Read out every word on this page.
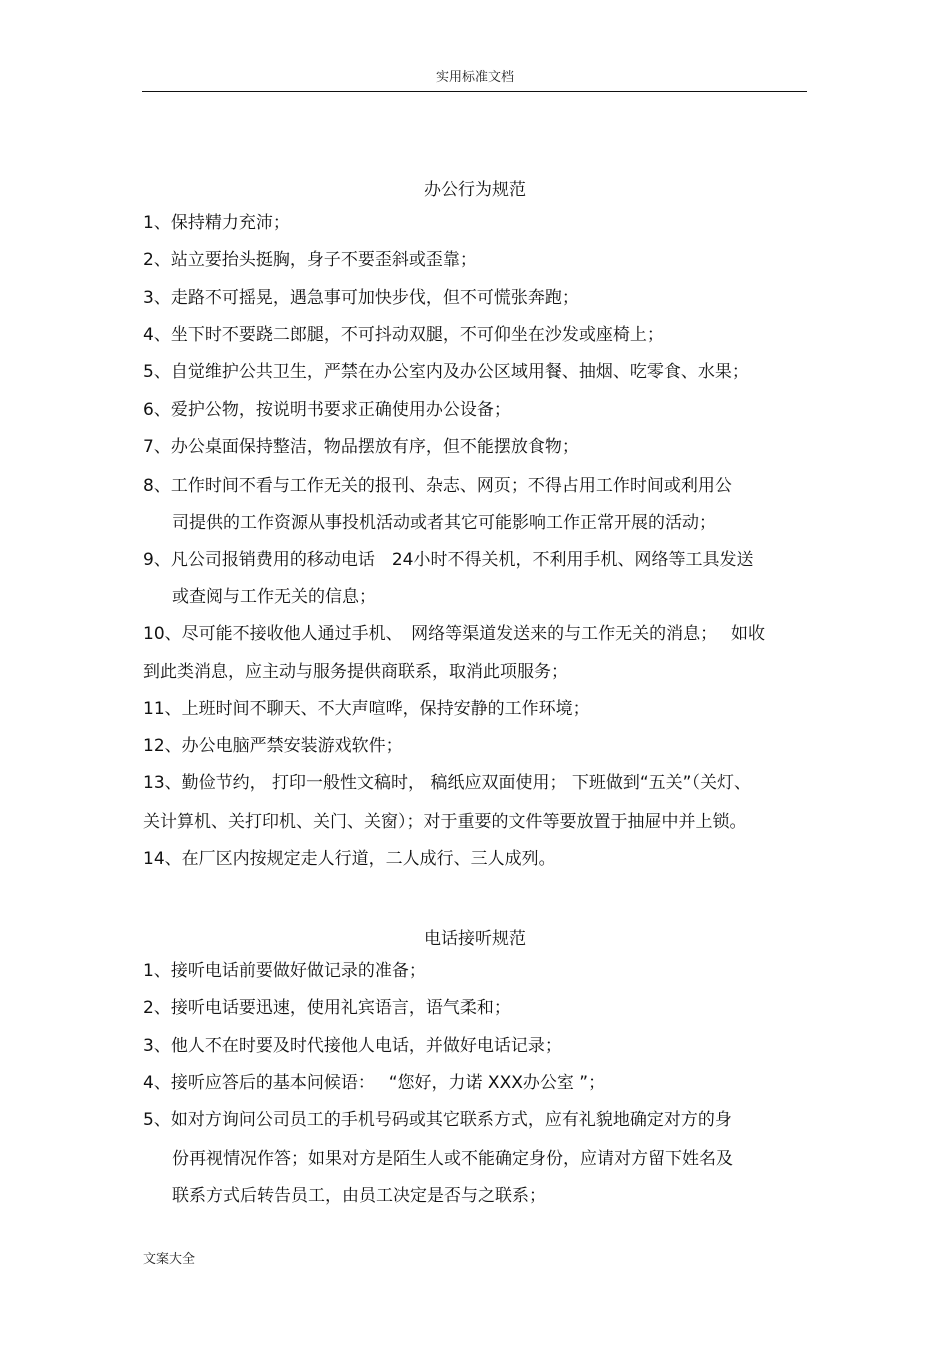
实用标准文档
办公行为规范
1、保持精力充沛；
2、站立要抬头挺胸，身子不要歪斜或歪靠；
3、走路不可摇晃，遇急事可加快步伐，但不可慌张奔跑；
4、坐下时不要跷二郎腿，不可抖动双腿，不可仰坐在沙发或座椅上；
5、自觉维护公共卫生，严禁在办公室内及办公区域用餐、抽烟、吃零食、水果；
6、爱护公物，按说明书要求正确使用办公设备；
7、办公桌面保持整洁，物品摆放有序，但不能摆放食物；
8、工作时间不看与工作无关的报刊、杂志、网页；不得占用工作时间或利用公
司提供的工作资源从事投机活动或者其它可能影响工作正常开展的活动；
9、凡公司报销费用的移动电话　24小时不得关机，不利用手机、网络等工具发送
或查阅与工作无关的信息；
10、尽可能不接收他人通过手机、　网络等渠道发送来的与工作无关的消息；　 如收
到此类消息，应主动与服务提供商联系，取消此项服务；
11、上班时间不聊天、不大声喧哗，保持安静的工作环境；
12、办公电脑严禁安装游戏软件；
13、勤俭节约， 打印一般性文稿时， 稿纸应双面使用； 下班做到“五关”（关灯、
关计算机、关打印机、关门、关窗）；对于重要的文件等要放置于抽屉中并上锁。
14、在厂区内按规定走人行道，二人成行、三人成列。
电话接听规范
1、接听电话前要做好做记录的准备；
2、接听电话要迅速，使用礼宾语言，语气柔和；
3、他人不在时要及时代接他人电话，并做好电话记录；
4、接听应答后的基本问候语：　 “您好，力诺 XXX办公室 ”；
5、如对方询问公司员工的手机号码或其它联系方式，应有礼貌地确定对方的身
份再视情况作答；如果对方是陌生人或不能确定身份，应请对方留下姓名及
联系方式后转告员工，由员工决定是否与之联系；
文案大全
